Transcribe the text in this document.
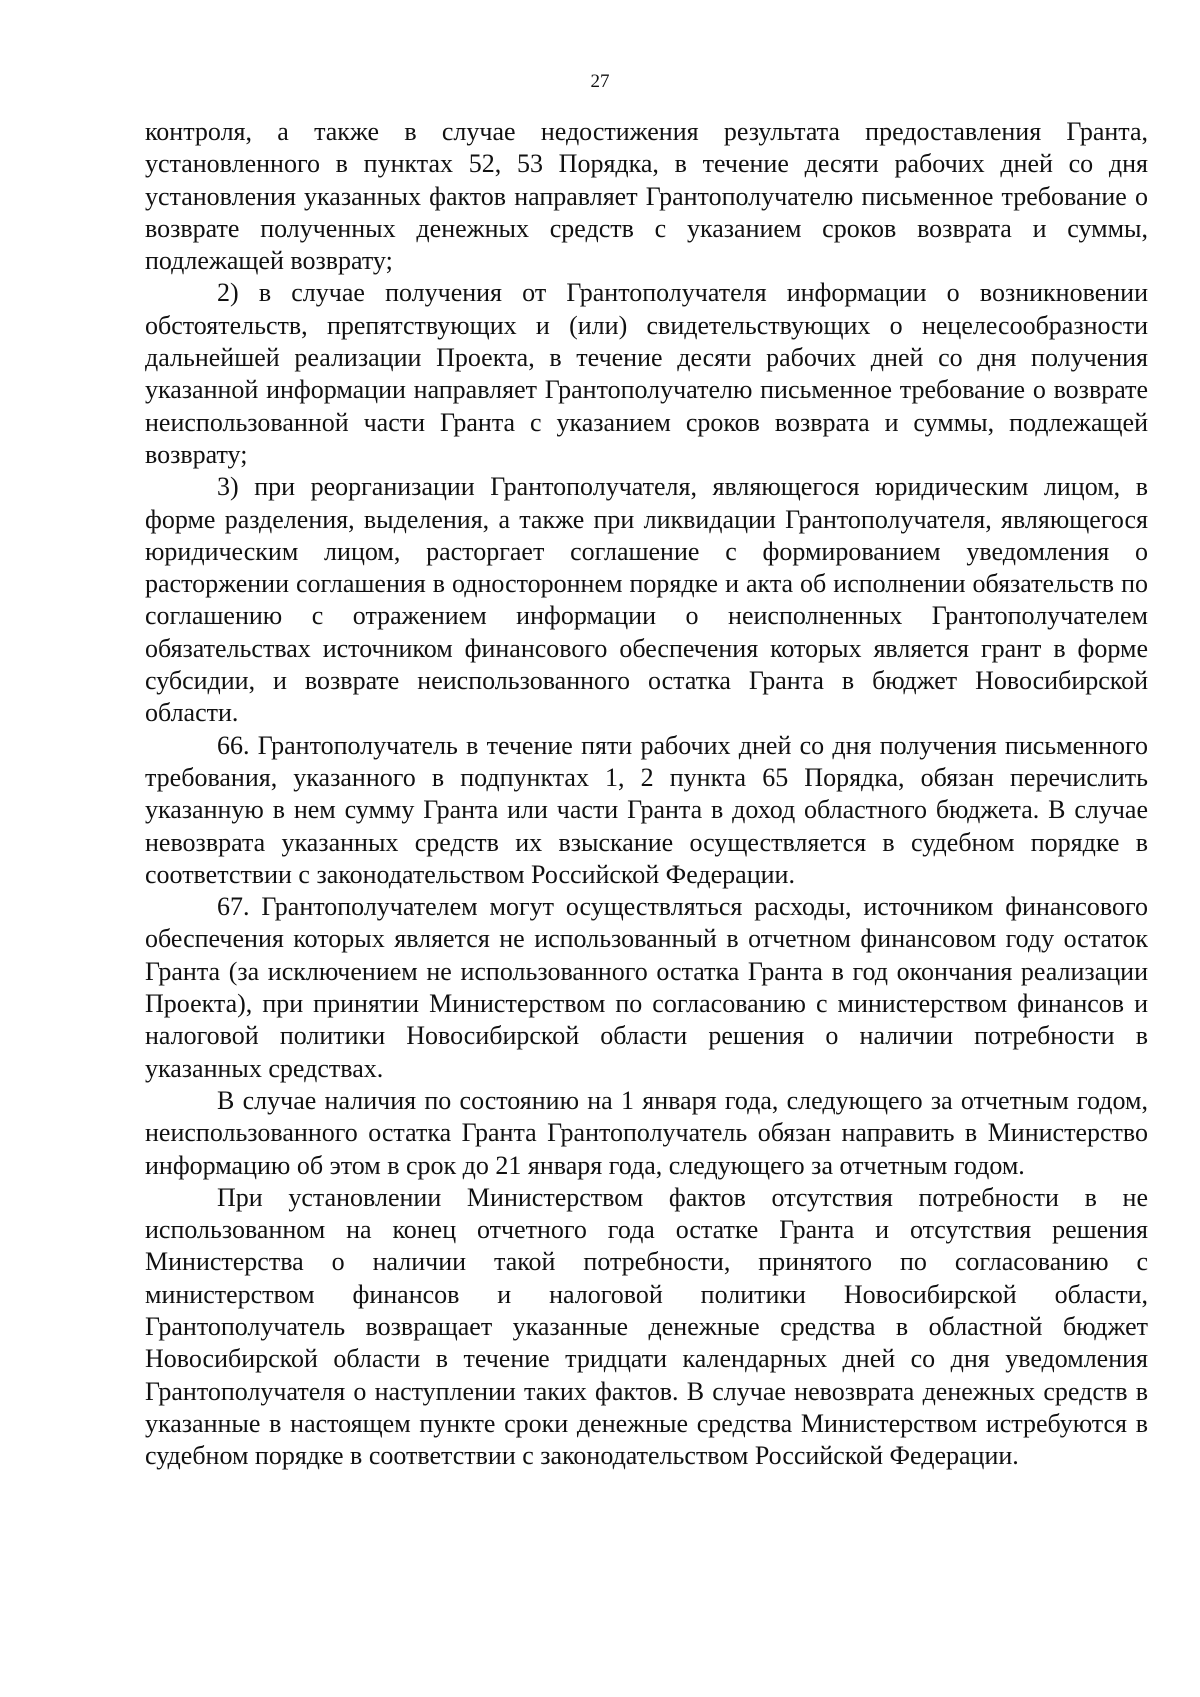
27

контроля, а также в случае недостижения результата предоставления Гранта, установленного в пунктах 52, 53 Порядка, в течение десяти рабочих дней со дня установления указанных фактов направляет Грантополучателю письменное требование о возврате полученных денежных средств с указанием сроков возврата и суммы, подлежащей возврату;

2) в случае получения от Грантополучателя информации о возникновении обстоятельств, препятствующих и (или) свидетельствующих о нецелесообразности дальнейшей реализации Проекта, в течение десяти рабочих дней со дня получения указанной информации направляет Грантополучателю письменное требование о возврате неиспользованной части Гранта с указанием сроков возврата и суммы, подлежащей возврату;

3) при реорганизации Грантополучателя, являющегося юридическим лицом, в форме разделения, выделения, а также при ликвидации Грантополучателя, являющегося юридическим лицом, расторгает соглашение с формированием уведомления о расторжении соглашения в одностороннем порядке и акта об исполнении обязательств по соглашению с отражением информации о неисполненных Грантополучателем обязательствах источником финансового обеспечения которых является грант в форме субсидии, и возврате неиспользованного остатка Гранта в бюджет Новосибирской области.

66. Грантополучатель в течение пяти рабочих дней со дня получения письменного требования, указанного в подпунктах 1, 2 пункта 65 Порядка, обязан перечислить указанную в нем сумму Гранта или части Гранта в доход областного бюджета. В случае невозврата указанных средств их взыскание осуществляется в судебном порядке в соответствии с законодательством Российской Федерации.

67. Грантополучателем могут осуществляться расходы, источником финансового обеспечения которых является не использованный в отчетном финансовом году остаток Гранта (за исключением не использованного остатка Гранта в год окончания реализации Проекта), при принятии Министерством по согласованию с министерством финансов и налоговой политики Новосибирской области решения о наличии потребности в указанных средствах.

В случае наличия по состоянию на 1 января года, следующего за отчетным годом, неиспользованного остатка Гранта Грантополучатель обязан направить в Министерство информацию об этом в срок до 21 января года, следующего за отчетным годом.

При установлении Министерством фактов отсутствия потребности в не использованном на конец отчетного года остатке Гранта и отсутствия решения Министерства о наличии такой потребности, принятого по согласованию с министерством финансов и налоговой политики Новосибирской области, Грантополучатель возвращает указанные денежные средства в областной бюджет Новосибирской области в течение тридцати календарных дней со дня уведомления Грантополучателя о наступлении таких фактов. В случае невозврата денежных средств в указанные в настоящем пункте сроки денежные средства Министерством истребуются в судебном порядке в соответствии с законодательством Российской Федерации.
